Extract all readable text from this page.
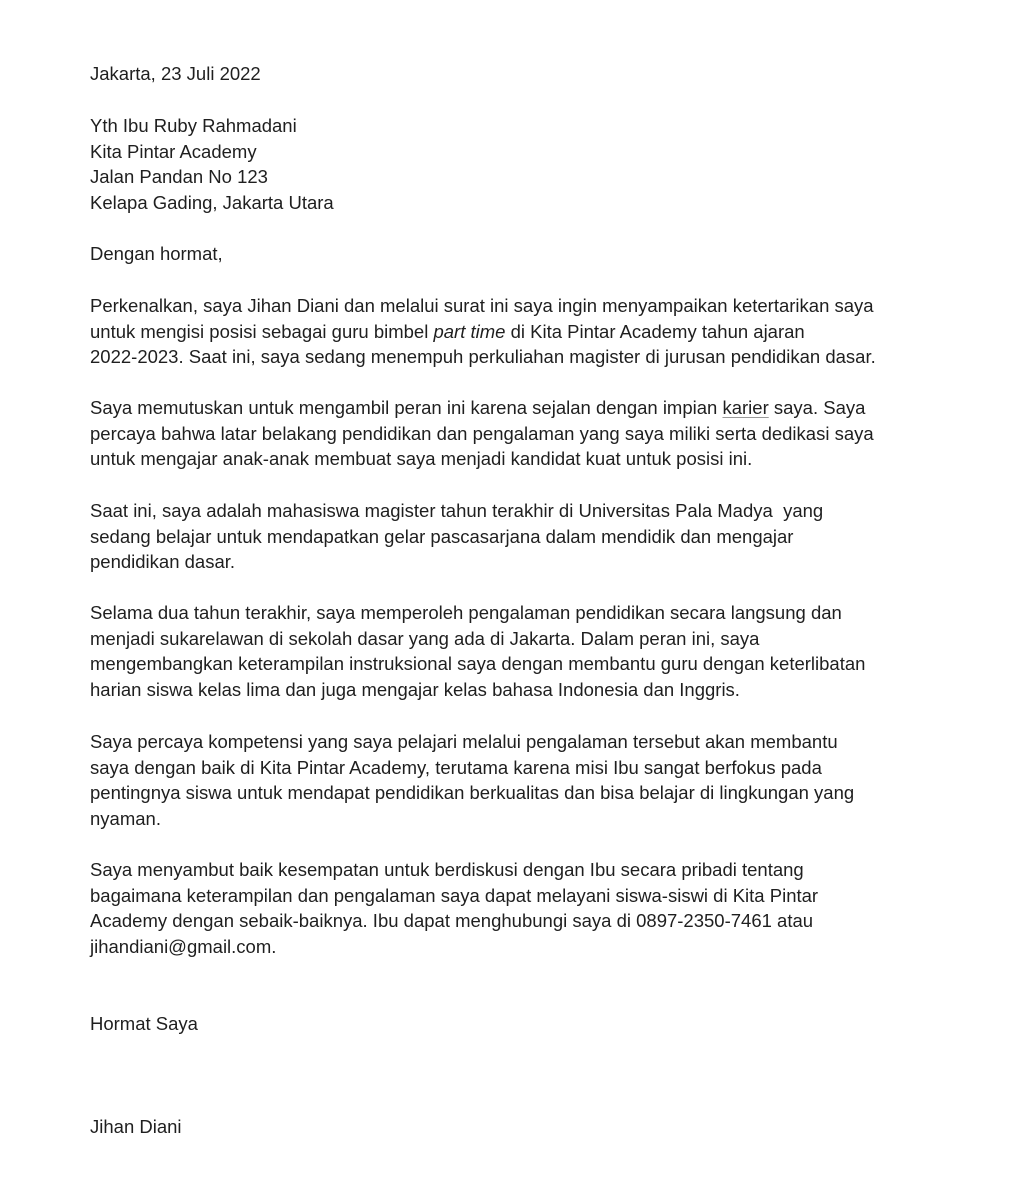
Jakarta, 23 Juli 2022

Yth Ibu Ruby Rahmadani
Kita Pintar Academy
Jalan Pandan No 123
Kelapa Gading, Jakarta Utara

Dengan hormat,

Perkenalkan, saya Jihan Diani dan melalui surat ini saya ingin menyampaikan ketertarikan saya
untuk mengisi posisi sebagai guru bimbel part time di Kita Pintar Academy tahun ajaran
2022-2023. Saat ini, saya sedang menempuh perkuliahan magister di jurusan pendidikan dasar.
Saya memutuskan untuk mengambil peran ini karena sejalan dengan impian karier saya. Saya
percaya bahwa latar belakang pendidikan dan pengalaman yang saya miliki serta dedikasi saya
untuk mengajar anak-anak membuat saya menjadi kandidat kuat untuk posisi ini.
Saat ini, saya adalah mahasiswa magister tahun terakhir di Universitas Pala Madya  yang
sedang belajar untuk mendapatkan gelar pascasarjana dalam mendidik dan mengajar
pendidikan dasar.
Selama dua tahun terakhir, saya memperoleh pengalaman pendidikan secara langsung dan
menjadi sukarelawan di sekolah dasar yang ada di Jakarta. Dalam peran ini, saya
mengembangkan keterampilan instruksional saya dengan membantu guru dengan keterlibatan
harian siswa kelas lima dan juga mengajar kelas bahasa Indonesia dan Inggris.
Saya percaya kompetensi yang saya pelajari melalui pengalaman tersebut akan membantu
saya dengan baik di Kita Pintar Academy, terutama karena misi Ibu sangat berfokus pada
pentingnya siswa untuk mendapat pendidikan berkualitas dan bisa belajar di lingkungan yang
nyaman.
Saya menyambut baik kesempatan untuk berdiskusi dengan Ibu secara pribadi tentang
bagaimana keterampilan dan pengalaman saya dapat melayani siswa-siswi di Kita Pintar
Academy dengan sebaik-baiknya. Ibu dapat menghubungi saya di 0897-2350-7461 atau
jihandiani@gmail.com.

Hormat Saya

Jihan Diani
